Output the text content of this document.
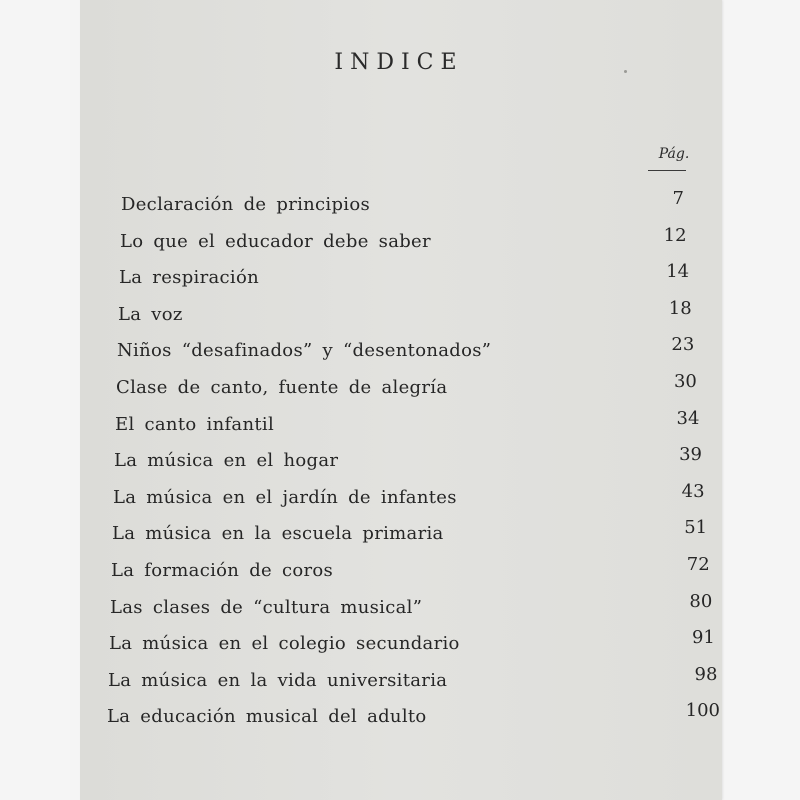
INDICE
Pág.
Declaración de principios	7
Lo que el educador debe saber	12
La respiración	14
La voz	18
Niños “desafinados” y “desentonados”	23
Clase de canto, fuente de alegría	30
El canto infantil	34
La música en el hogar	39
La música en el jardín de infantes	43
La música en la escuela primaria	51
La formación de coros	72
Las clases de “cultura musical”	80
La música en el colegio secundario	91
La música en la vida universitaria	98
La educación musical del adulto	100
